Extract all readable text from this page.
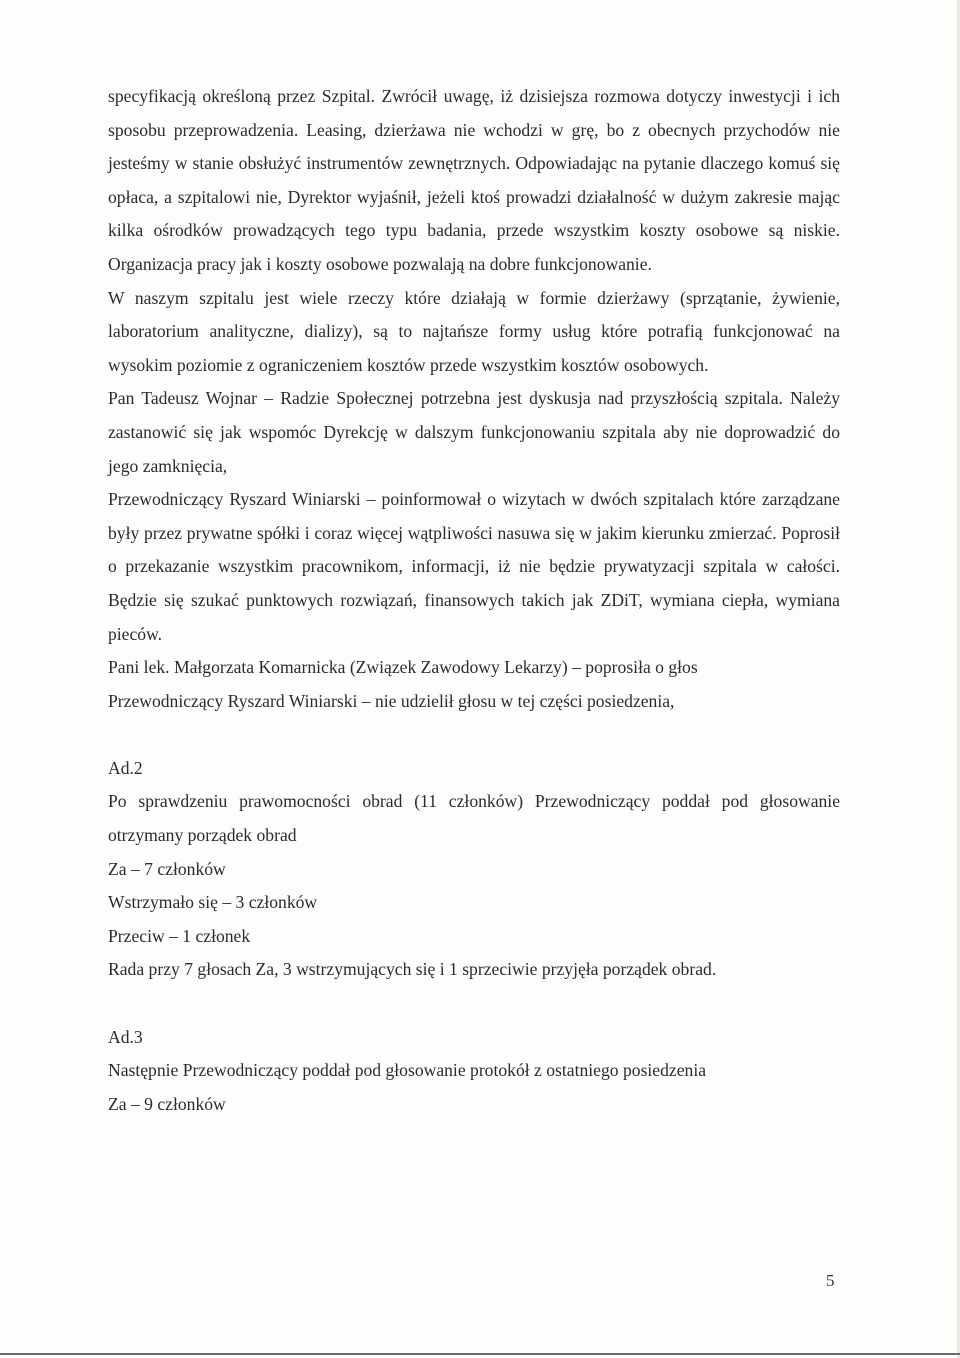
specyfikacją określoną przez Szpital. Zwrócił uwagę, iż dzisiejsza rozmowa dotyczy inwestycji i ich sposobu przeprowadzenia. Leasing, dzierżawa nie wchodzi w grę, bo z obecnych przychodów nie jesteśmy w stanie obsłużyć instrumentów zewnętrznych. Odpowiadając na pytanie dlaczego komuś się opłaca, a szpitalowi nie, Dyrektor wyjaśnił, jeżeli ktoś prowadzi działalność w dużym zakresie mając kilka ośrodków prowadzących tego typu badania, przede wszystkim koszty osobowe są niskie. Organizacja pracy jak i koszty osobowe pozwalają na dobre funkcjonowanie.

W naszym szpitalu jest wiele rzeczy które działają w formie dzierżawy (sprzątanie, żywienie, laboratorium analityczne, dializy), są to najtańsze formy usług które potrafią funkcjonować na wysokim poziomie z ograniczeniem kosztów przede wszystkim kosztów osobowych.

Pan Tadeusz Wojnar – Radzie Społecznej potrzebna jest dyskusja nad przyszłością szpitala. Należy zastanowić się jak wspomóc Dyrekcję w dalszym funkcjonowaniu szpitala aby nie doprowadzić do jego zamknięcia,

Przewodniczący Ryszard Winiarski – poinformował o wizytach w dwóch szpitalach które zarządzane były przez prywatne spółki i coraz więcej wątpliwości nasuwa się w jakim kierunku zmierzać. Poprosił o przekazanie wszystkim pracownikom, informacji, iż nie będzie prywatyzacji szpitala w całości. Będzie się szukać punktowych rozwiązań, finansowych takich jak ZDiT, wymiana ciepła, wymiana pieców.

Pani lek. Małgorzata Komarnicka (Związek Zawodowy Lekarzy) – poprosiła o głos

Przewodniczący Ryszard Winiarski – nie udzielił głosu w tej części posiedzenia,

Ad.2

Po sprawdzeniu prawomocności obrad (11 członków) Przewodniczący poddał pod głosowanie otrzymany porządek obrad

Za – 7 członków

Wstrzymało się – 3 członków

Przeciw – 1 członek

Rada przy 7 głosach Za, 3 wstrzymujących się i 1 sprzeciwie przyjęła porządek obrad.

Ad.3

Następnie Przewodniczący poddał pod głosowanie protokół z ostatniego posiedzenia

Za – 9 członków

5
